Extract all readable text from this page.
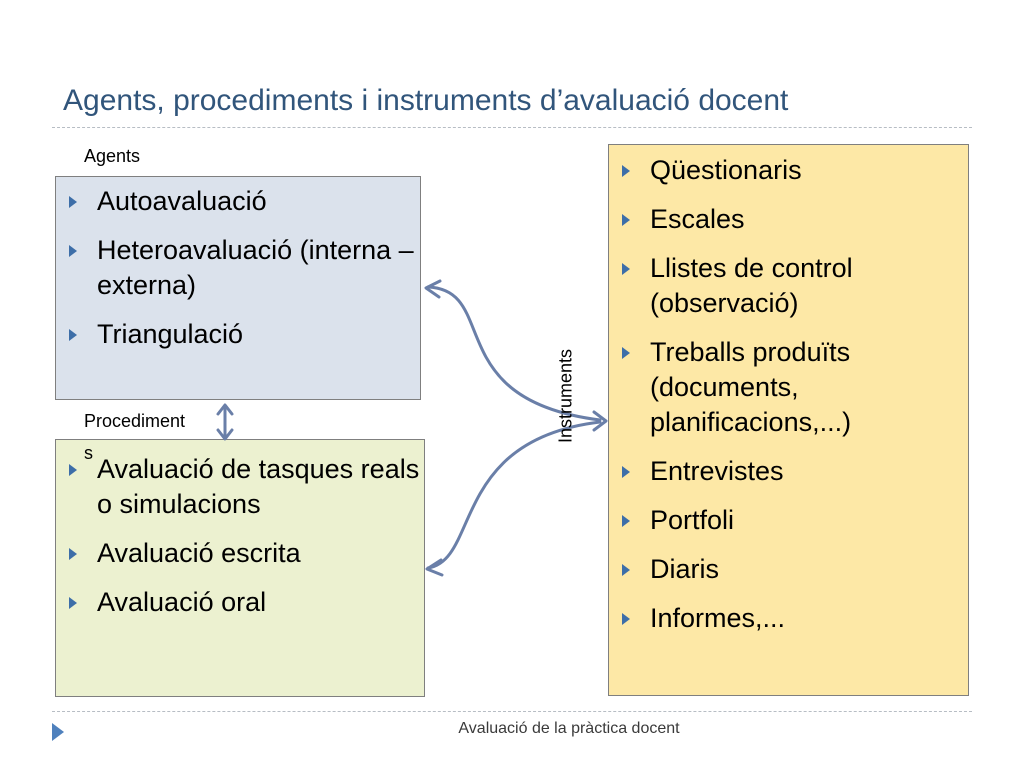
Agents, procediments i instruments d’avaluació docent
Agents
Procediment
s
Instruments
Autoavaluació
Heteroavaluació (interna – externa)
Triangulació
Avaluació de tasques reals o simulacions
Avaluació escrita
Avaluació oral
Qüestionaris
Escales
Llistes de control (observació)
Treballs produïts (documents, planificacions,...)
Entrevistes
Portfoli
Diaris
Informes,...
Avaluació de la pràctica docent
